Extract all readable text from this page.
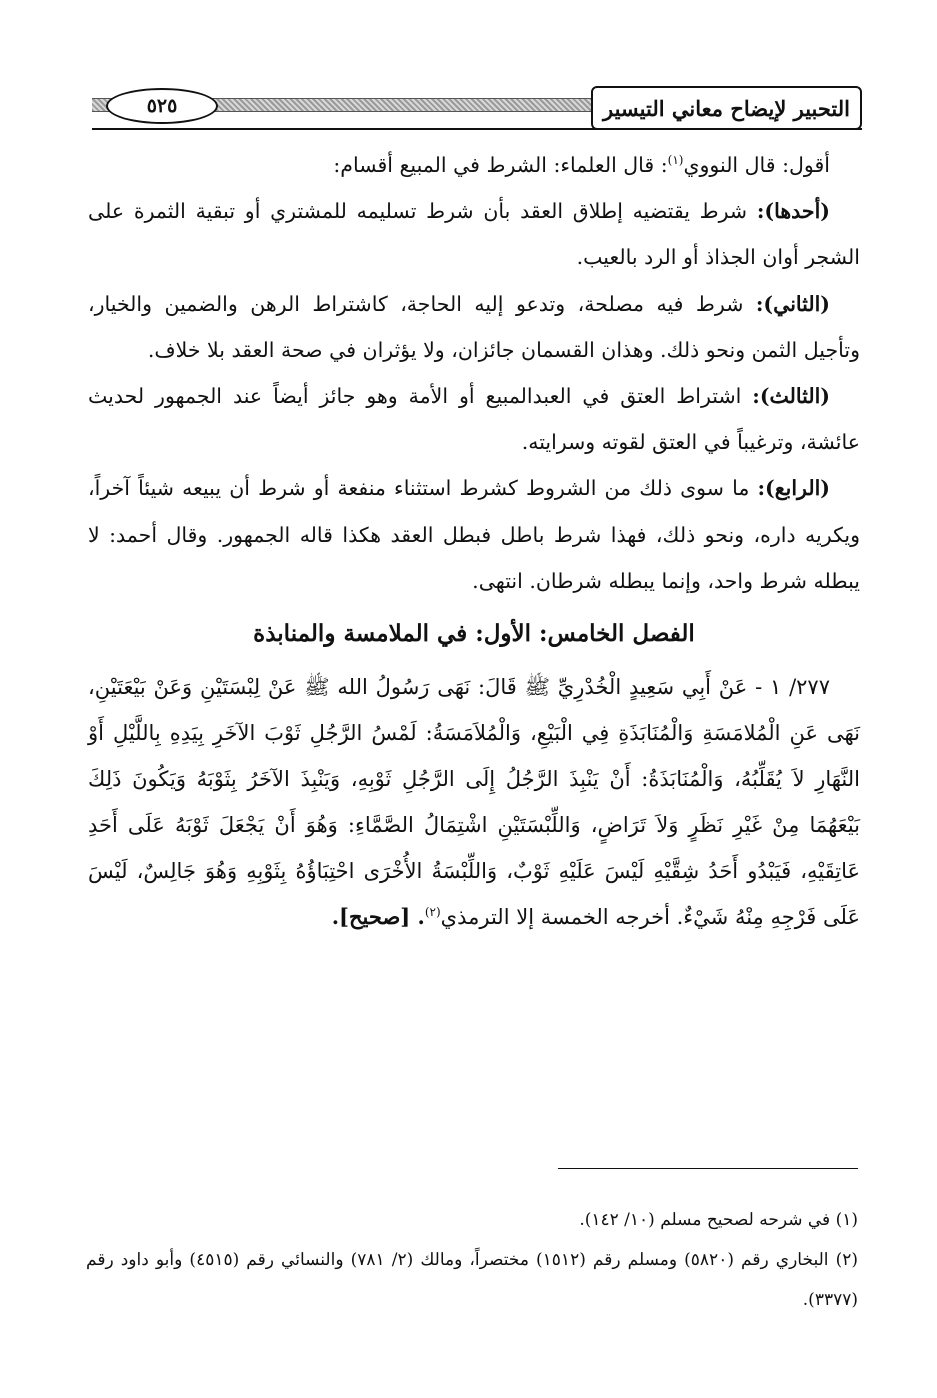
٥٢٥	التحبير لإيضاح معاني التيسير

أقول: قال النووي$^{(١)}$: قال العلماء: الشرط في المبيع أقسام:

(أحدها): شرط يقتضيه إطلاق العقد بأن شرط تسليمه للمشتري أو تبقية الثمرة على الشجر أوان الجذاذ أو الرد بالعيب.

(الثاني): شرط فيه مصلحة، وتدعو إليه الحاجة، كاشتراط الرهن والضمين والخيار، وتأجيل الثمن ونحو ذلك. وهذان القسمان جائزان، ولا يؤثران في صحة العقد بلا خلاف.

(الثالث): اشتراط العتق في العبدالمبيع أو الأمة وهو جائز أيضاً عند الجمهور لحديث عائشة، وترغيباً في العتق لقوته وسرايته.

(الرابع): ما سوى ذلك من الشروط كشرط استثناء منفعة أو شرط أن يبيعه شيئاً آخراً، ويكريه داره، ونحو ذلك، فهذا شرط باطل فبطل العقد هكذا قاله الجمهور. وقال أحمد: لا يبطله شرط واحد، وإنما يبطله شرطان. انتهى.

الفصل الخامس: الأول: في الملامسة والمنابذة

٢٧٧/ ١ - عَنْ أَبِي سَعِيدٍ الْخُدْرِيِّ ﷺ قَالَ: نَهَى رَسُولُ الله ﷺ عَنْ لِبْسَتَيْنِ وَعَنْ بَيْعَتَيْنِ، نَهَى عَنِ الْمُلامَسَةِ وَالْمُنَابَذَةِ فِي الْبَيْعِ، وَالْمُلاَمَسَةُ: لَمْسُ الرَّجُلِ ثَوْبَ الآخَرِ بِيَدِهِ بِاللَّيْلِ أَوْ النَّهَارِ لاَ يُقَلِّبُهُ، وَالْمُنَابَذَةُ: أَنْ يَنْبِذَ الرَّجُلُ إِلَى الرَّجُلِ ثَوْبِهِ، وَيَنْبِذَ الآخَرُ بِثَوْبَهُ وَيَكُونَ ذَلِكَ بَيْعَهُمَا مِنْ غَيْرِ نَظَرٍ وَلاَ تَرَاضٍ، وَاللِّبْسَتَيْنِ اشْتِمَالُ الصَّمَّاءِ: وَهُوَ أَنْ يَجْعَلَ ثَوْبَهُ عَلَى أَحَدِ عَاتِقَيْهِ، فَيَبْدُو أَحَدُ شِقَّيْهِ لَيْسَ عَلَيْهِ ثَوْبٌ، وَاللِّبْسَةُ الأُخْرَى احْتِبَاؤُهُ بِثَوْبِهِ وَهُوَ جَالِسٌ، لَيْسَ عَلَى فَرْجِهِ مِنْهُ شَيْءٌ. أخرجه الخمسة إلا الترمذي$^{(٢)}$. [صحيح].

(١) في شرحه لصحيح مسلم (١٠/ ١٤٢).

(٢) البخاري رقم (٥٨٢٠) ومسلم رقم (١٥١٢) مختصراً، ومالك (٢/ ٧٨١) والنسائي رقم (٤٥١٥) وأبو داود رقم (٣٣٧٧).
